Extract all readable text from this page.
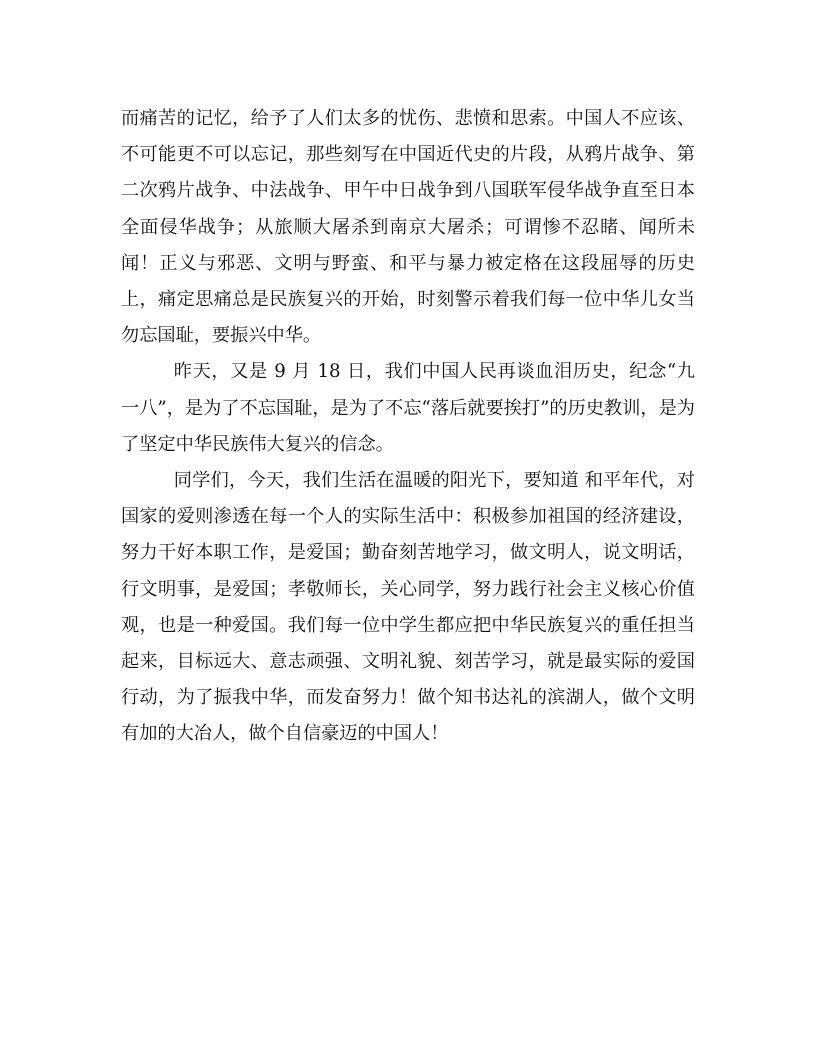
而痛苦的记忆，给予了人们太多的忧伤、悲愤和思索。中国人不应该、不可能更不可以忘记，那些刻写在中国近代史的片段，从鸦片战争、第二次鸦片战争、中法战争、甲午中日战争到八国联军侵华战争直至日本全面侵华战争；从旅顺大屠杀到南京大屠杀；可谓惨不忍睹、闻所未闻！正义与邪恶、文明与野蛮、和平与暴力被定格在这段屈辱的历史上，痛定思痛总是民族复兴的开始，时刻警示着我们每一位中华儿女当勿忘国耻，要振兴中华。

昨天，又是 9 月 18 日，我们中国人民再谈血泪历史，纪念“九一八”，是为了不忘国耻，是为了不忘“落后就要挨打”的历史教训，是为了坚定中华民族伟大复兴的信念。

同学们，今天，我们生活在温暖的阳光下，要知道 和平年代，对国家的爱则渗透在每一个人的实际生活中：积极参加祖国的经济建设，努力干好本职工作，是爱国；勤奋刻苦地学习，做文明人，说文明话，行文明事，是爱国；孝敬师长，关心同学，努力践行社会主义核心价值观，也是一种爱国。我们每一位中学生都应把中华民族复兴的重任担当起来，目标远大、意志顽强、文明礼貌、刻苦学习，就是最实际的爱国行动，为了振我中华，而发奋努力！做个知书达礼的滨湖人，做个文明有加的大冶人，做个自信豪迈的中国人！
